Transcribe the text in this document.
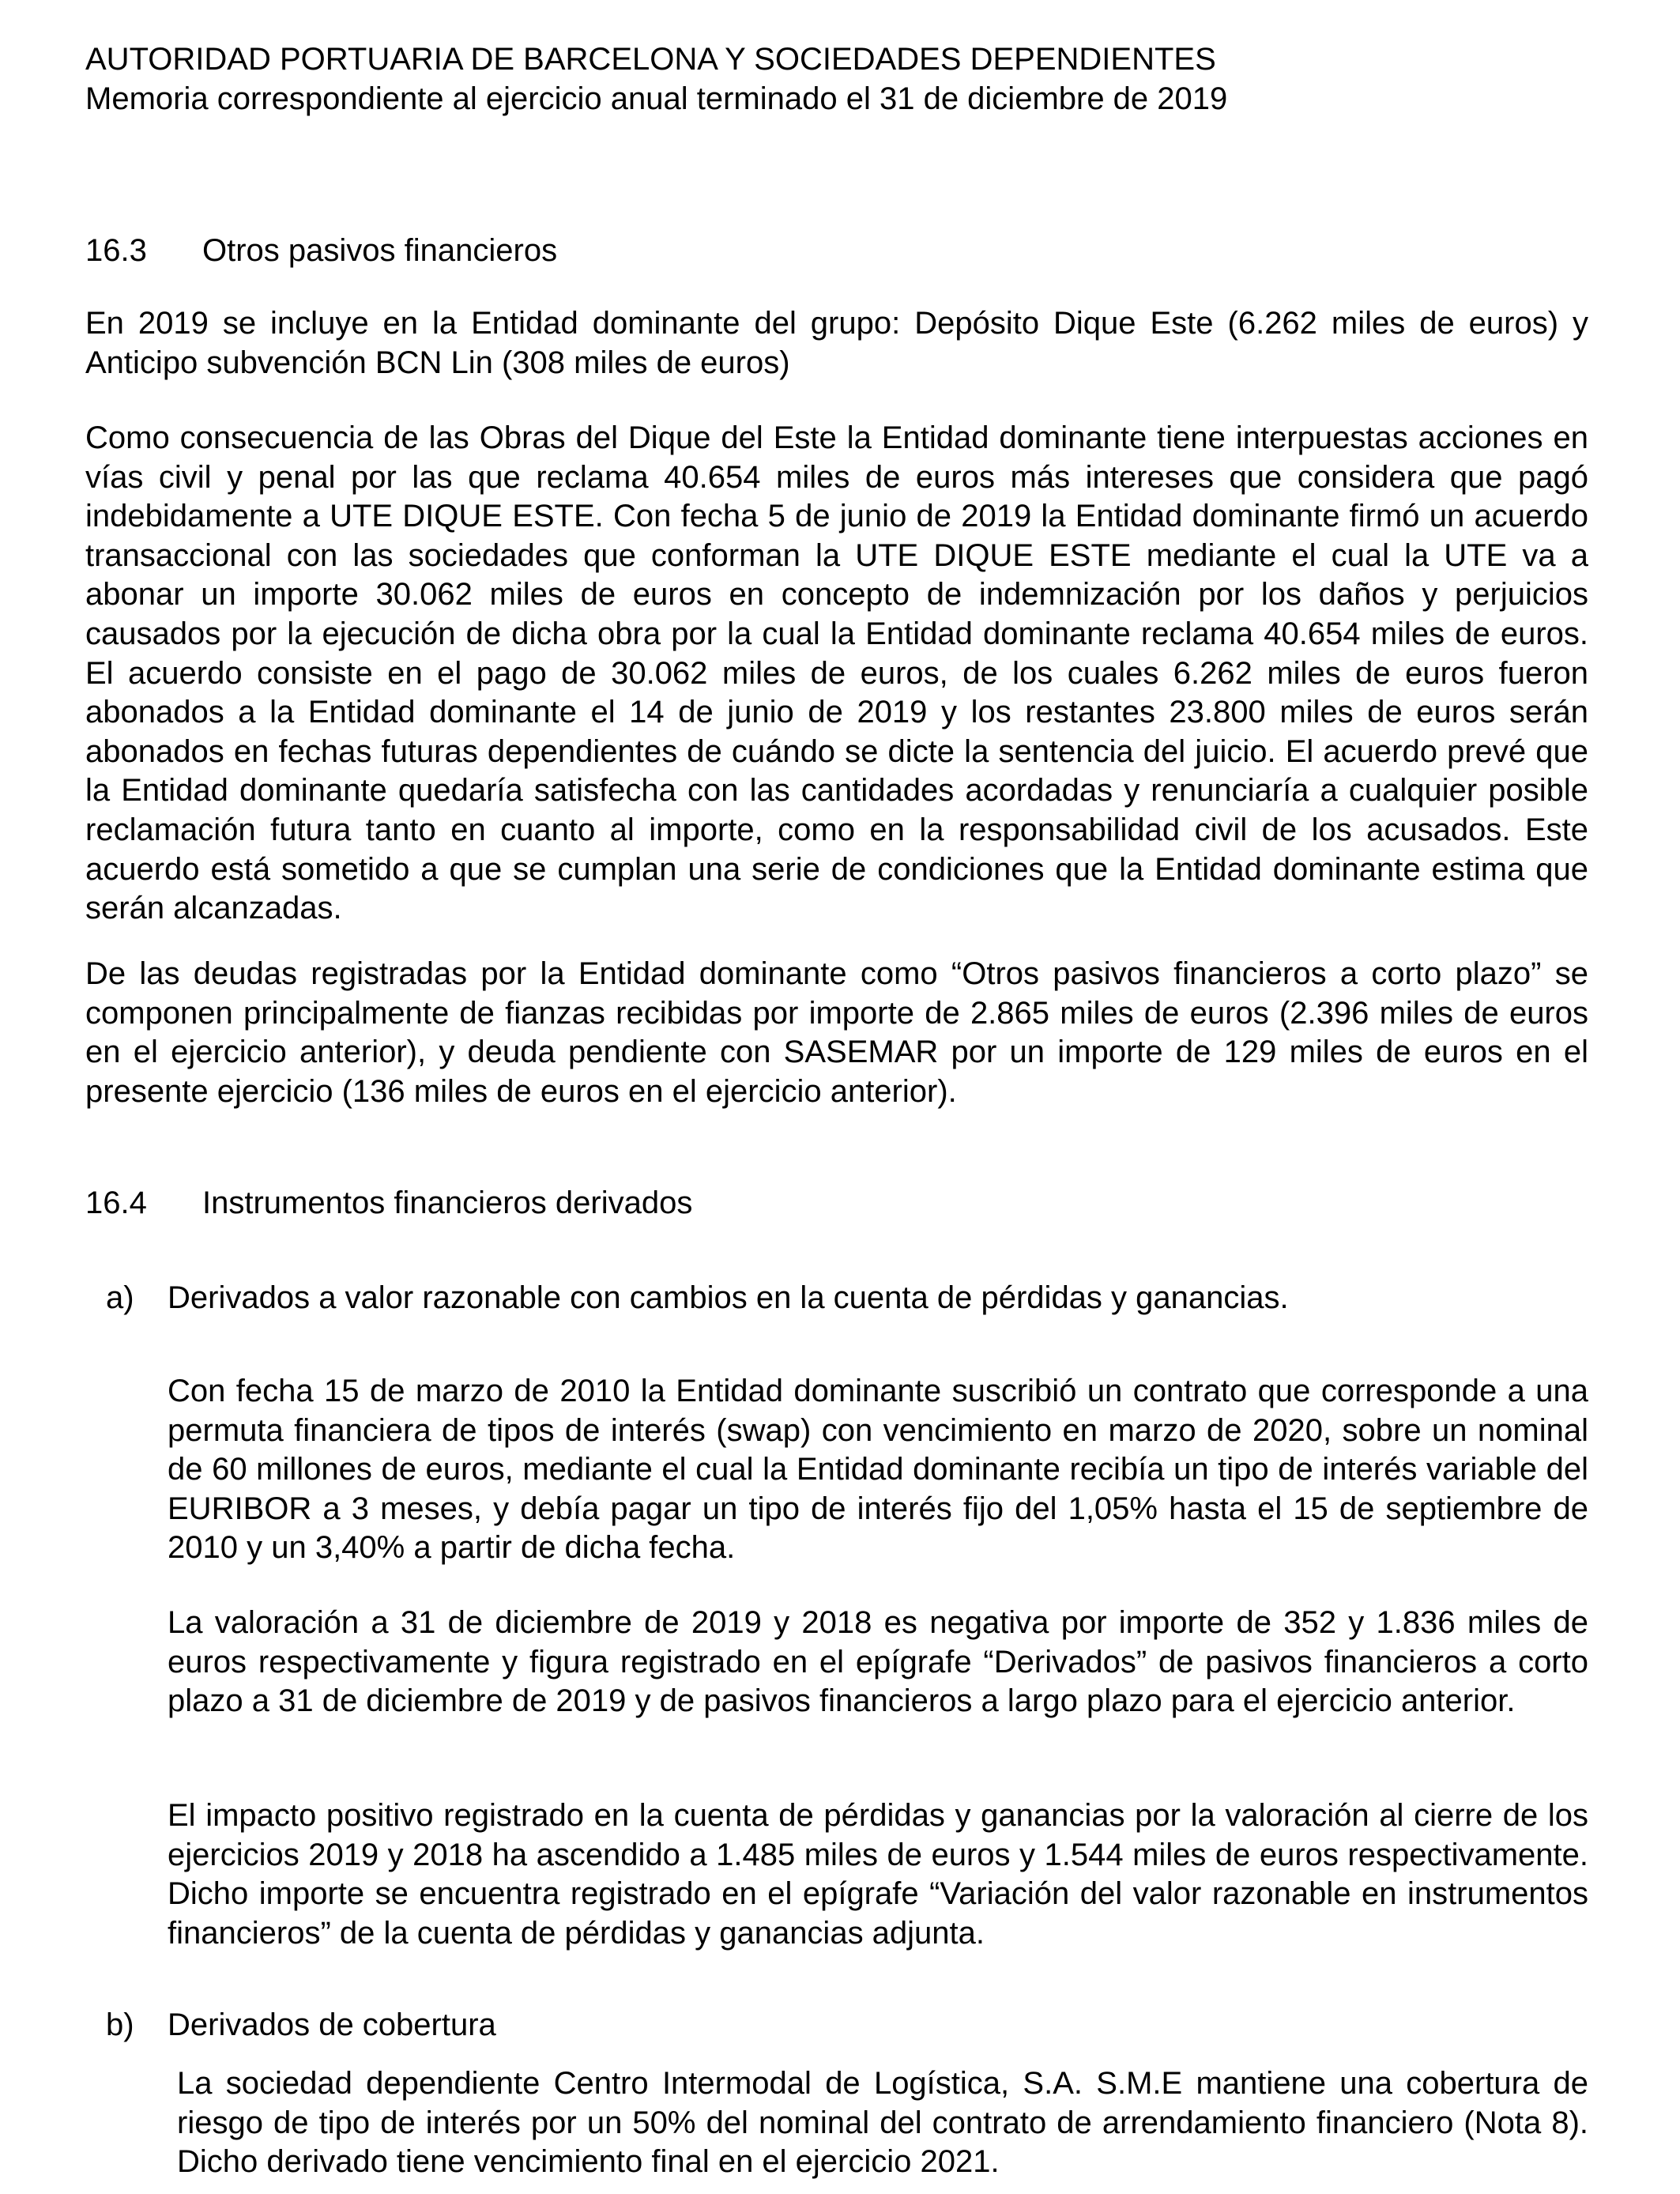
AUTORIDAD PORTUARIA DE BARCELONA Y SOCIEDADES DEPENDIENTES
Memoria correspondiente al ejercicio anual terminado el 31 de diciembre de 2019
16.3 Otros pasivos financieros

En 2019 se incluye en la Entidad dominante del grupo: Depósito Dique Este (6.262 miles de euros) y Anticipo subvención BCN Lin (308 miles de euros)

Como consecuencia de las Obras del Dique del Este la Entidad dominante tiene interpuestas acciones en vías civil y penal por las que reclama 40.654 miles de euros más intereses que considera que pagó indebidamente a UTE DIQUE ESTE. Con fecha 5 de junio de 2019 la Entidad dominante firmó un acuerdo transaccional con las sociedades que conforman la UTE DIQUE ESTE mediante el cual la UTE va a abonar un importe 30.062 miles de euros en concepto de indemnización por los daños y perjuicios causados por la ejecución de dicha obra por la cual la Entidad dominante reclama 40.654 miles de euros. El acuerdo consiste en el pago de 30.062 miles de euros, de los cuales 6.262 miles de euros fueron abonados a la Entidad dominante el 14 de junio de 2019 y los restantes 23.800 miles de euros serán abonados en fechas futuras dependientes de cuándo se dicte la sentencia del juicio. El acuerdo prevé que la Entidad dominante quedaría satisfecha con las cantidades acordadas y renunciaría a cualquier posible reclamación futura tanto en cuanto al importe, como en la responsabilidad civil de los acusados. Este acuerdo está sometido a que se cumplan una serie de condiciones que la Entidad dominante estima que serán alcanzadas.

De las deudas registradas por la Entidad dominante como “Otros pasivos financieros a corto plazo” se componen principalmente de fianzas recibidas por importe de 2.865 miles de euros (2.396 miles de euros en el ejercicio anterior), y deuda pendiente con SASEMAR por un importe de 129 miles de euros en el presente ejercicio (136 miles de euros en el ejercicio anterior).

16.4 Instrumentos financieros derivados
a) Derivados a valor razonable con cambios en la cuenta de pérdidas y ganancias.

Con fecha 15 de marzo de 2010 la Entidad dominante suscribió un contrato que corresponde a una permuta financiera de tipos de interés (swap) con vencimiento en marzo de 2020, sobre un nominal de 60 millones de euros, mediante el cual la Entidad dominante recibía un tipo de interés variable del EURIBOR a 3 meses, y debía pagar un tipo de interés fijo del 1,05% hasta el 15 de septiembre de 2010 y un 3,40% a partir de dicha fecha.

La valoración a 31 de diciembre de 2019 y 2018 es negativa por importe de 352 y 1.836 miles de euros respectivamente y figura registrado en el epígrafe “Derivados” de pasivos financieros a corto plazo a 31 de diciembre de 2019 y de pasivos financieros a largo plazo para el ejercicio anterior.

El impacto positivo registrado en la cuenta de pérdidas y ganancias por la valoración al cierre de los ejercicios 2019 y 2018 ha ascendido a 1.485 miles de euros y 1.544 miles de euros respectivamente. Dicho importe se encuentra registrado en el epígrafe “Variación del valor razonable en instrumentos financieros” de la cuenta de pérdidas y ganancias adjunta.

b) Derivados de cobertura

La sociedad dependiente Centro Intermodal de Logística, S.A. S.M.E mantiene una cobertura de riesgo de tipo de interés por un 50% del nominal del contrato de arrendamiento financiero (Nota 8). Dicho derivado tiene vencimiento final en el ejercicio 2021.
